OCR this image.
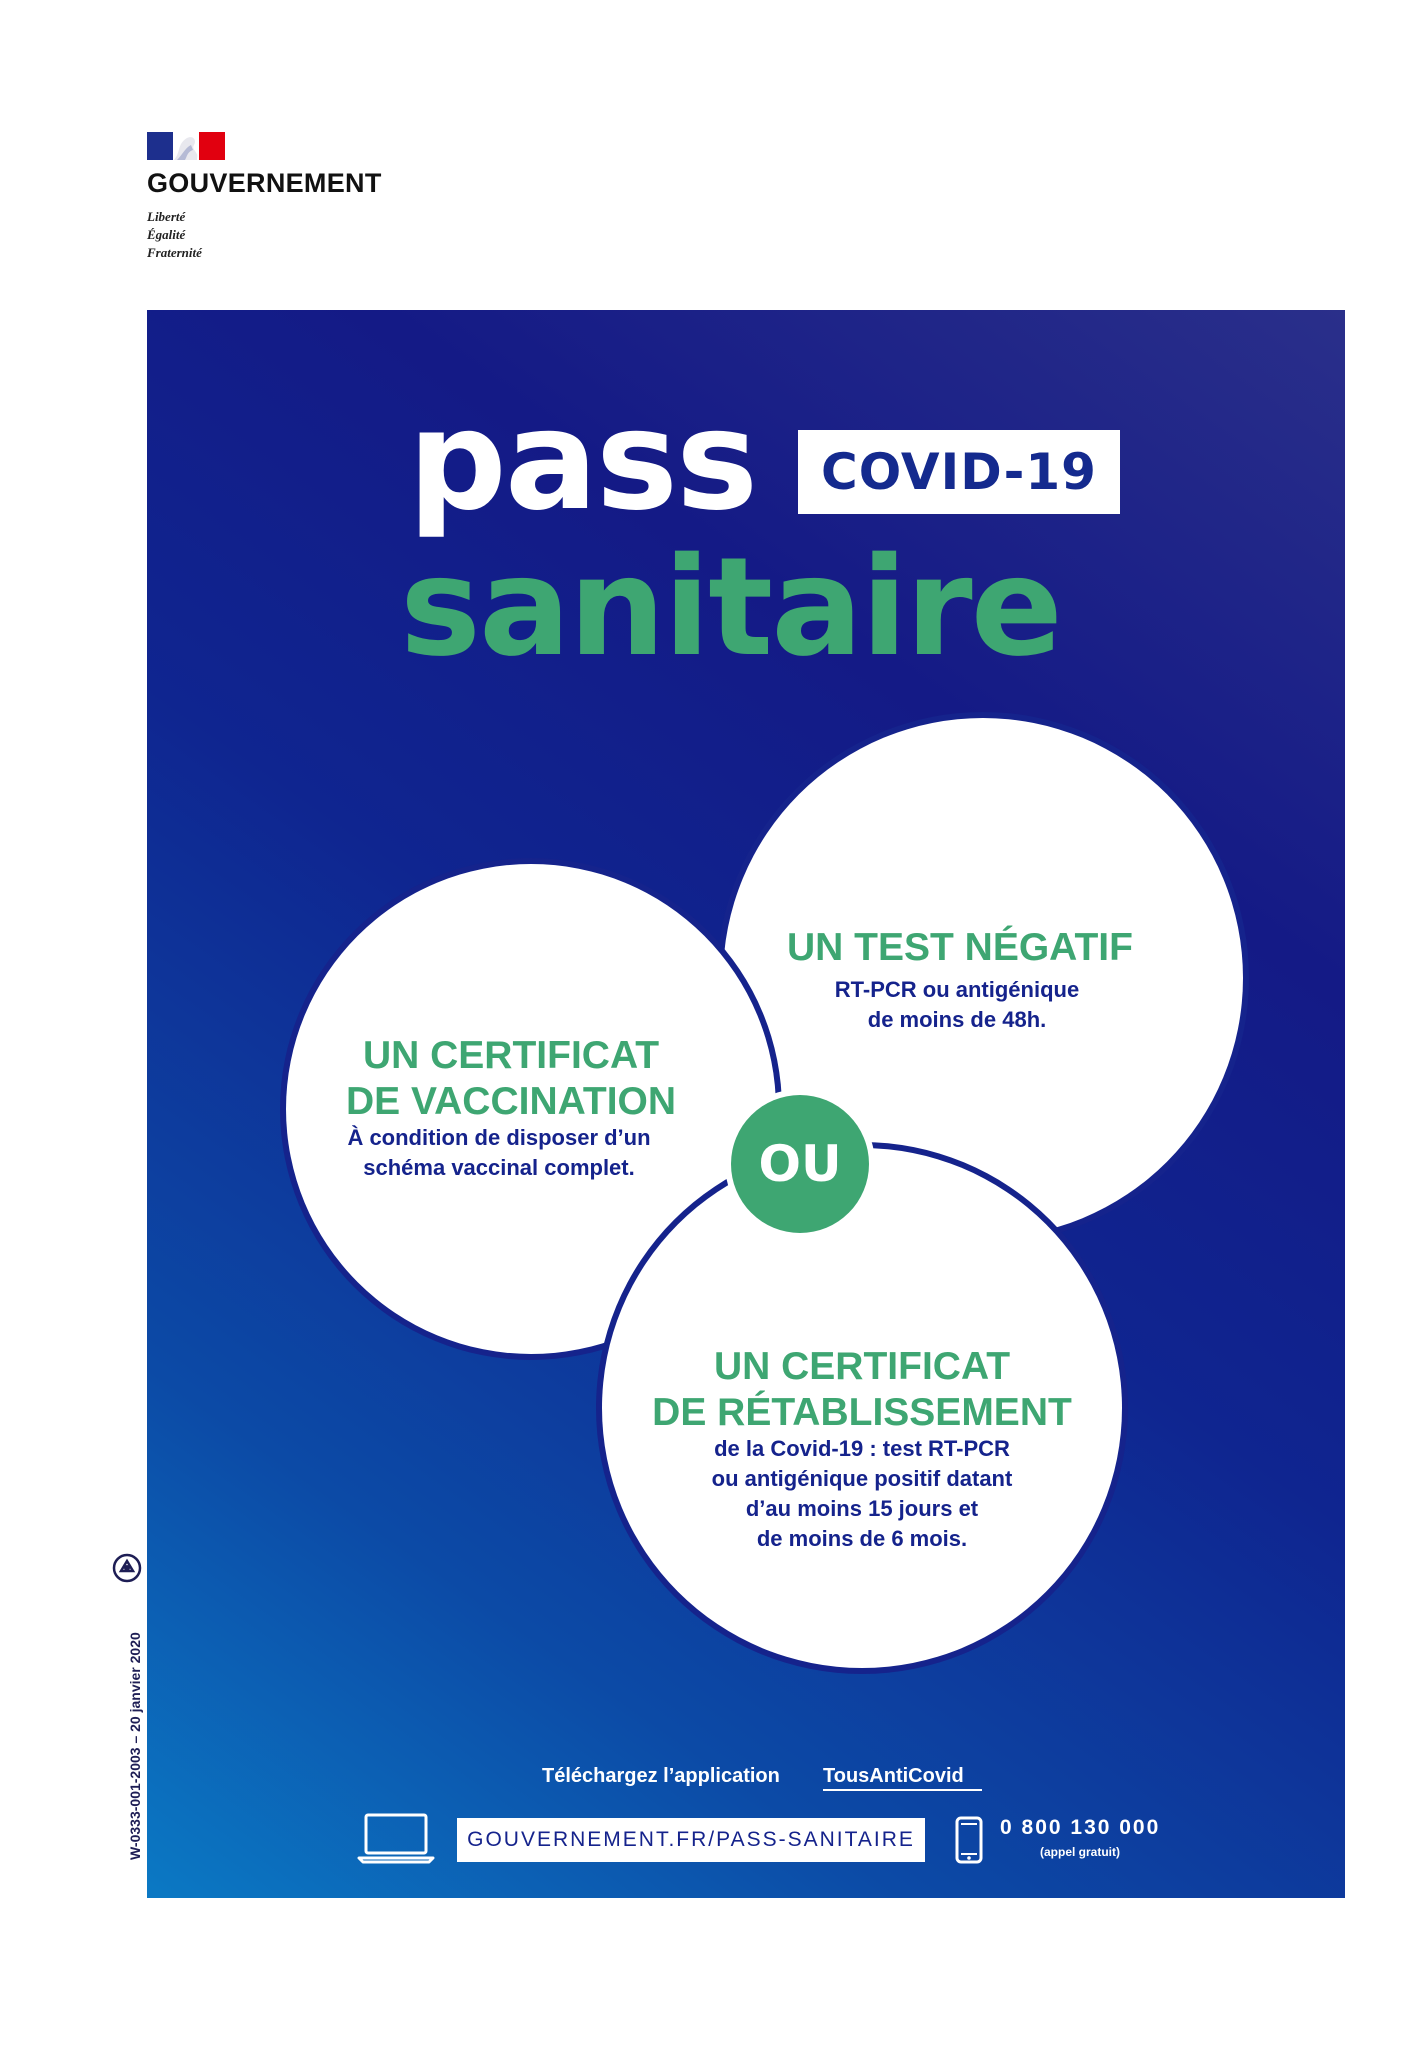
GOUVERNEMENT
Liberté
Égalité
Fraternité
W-0333-001-2003 – 20 janvier 2020
pass COVID-19
sanitaire
UN TEST NÉGATIF
RT-PCR ou antigénique
de moins de 48h.
UN CERTIFICAT
DE VACCINATION
À condition de disposer d’un
schéma vaccinal complet.
UN CERTIFICAT
DE RÉTABLISSEMENT
de la Covid-19 : test RT-PCR
ou antigénique positif datant
d’au moins 15 jours et
de moins de 6 mois.
OU
Téléchargez l’application TousAntiCovid
GOUVERNEMENT.FR/PASS-SANITAIRE
0 800 130 000
(appel gratuit)
